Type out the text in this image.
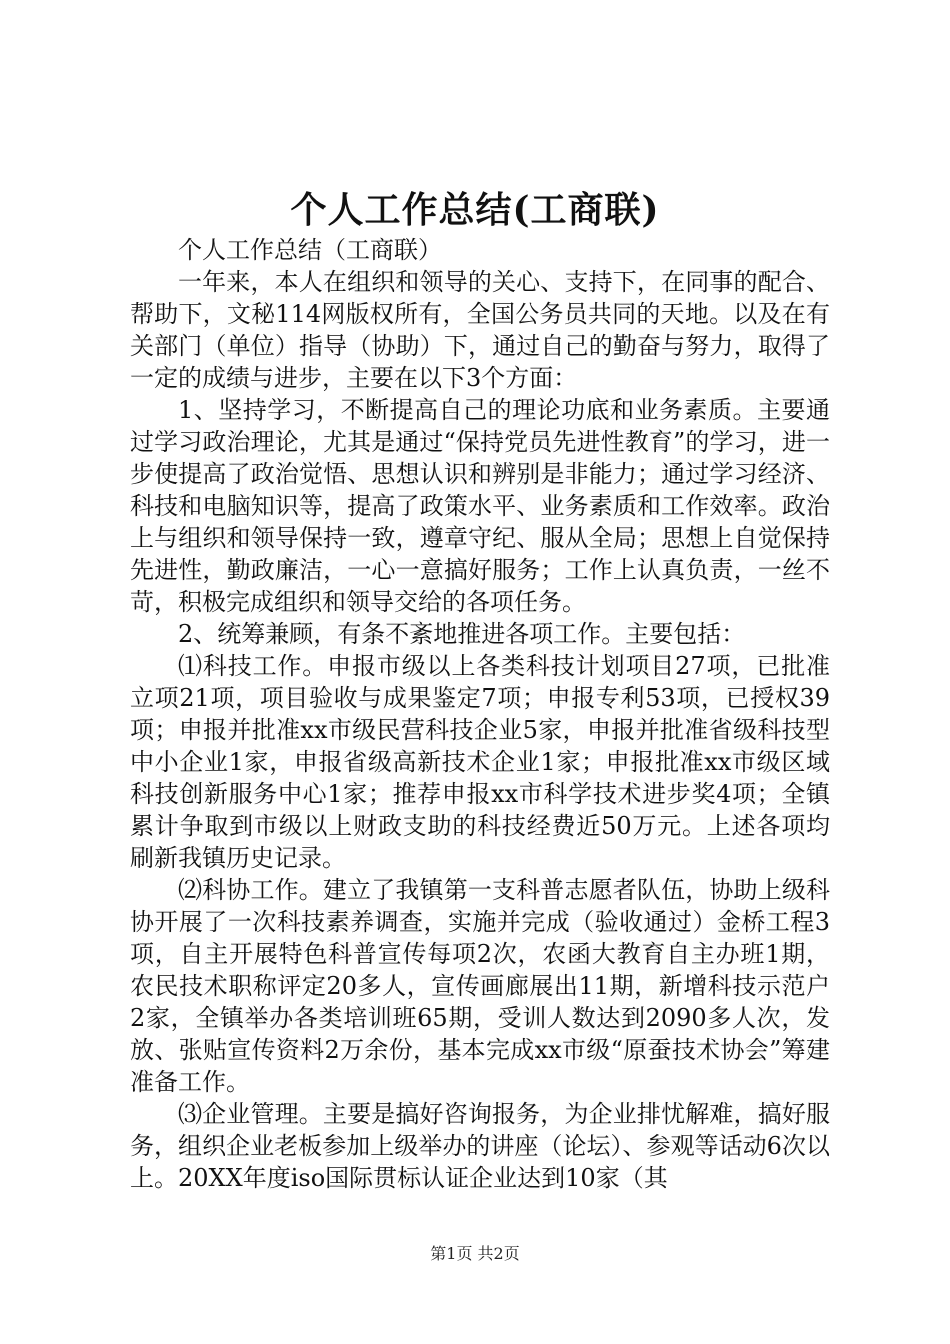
个人工作总结(工商联)

个人工作总结（工商联）

一年来，本人在组织和领导的关心、支持下，在同事的配合、帮助下，文秘114网版权所有，全国公务员共同的天地。以及在有关部门（单位）指导（协助）下，通过自己的勤奋与努力，取得了一定的成绩与进步，主要在以下3个方面：

1、坚持学习，不断提高自己的理论功底和业务素质。主要通过学习政治理论，尤其是通过“保持党员先进性教育”的学习，进一步使提高了政治觉悟、思想认识和辨别是非能力；通过学习经济、科技和电脑知识等，提高了政策水平、业务素质和工作效率。政治上与组织和领导保持一致，遵章守纪、服从全局；思想上自觉保持先进性，勤政廉洁，一心一意搞好服务；工作上认真负责，一丝不苛，积极完成组织和领导交给的各项任务。

2、统筹兼顾，有条不紊地推进各项工作。主要包括：

⑴科技工作。申报市级以上各类科技计划项目27项，已批准立项21项，项目验收与成果鉴定7项；申报专利53项，已授权39项；申报并批准xx市级民营科技企业5家，申报并批准省级科技型中小企业1家，申报省级高新技术企业1家；申报批准xx市级区域科技创新服务中心1家；推荐申报xx市科学技术进步奖4项；全镇累计争取到市级以上财政支助的科技经费近50万元。上述各项均刷新我镇历史记录。

⑵科协工作。建立了我镇第一支科普志愿者队伍，协助上级科协开展了一次科技素养调查，实施并完成（验收通过）金桥工程3项，自主开展特色科普宣传每项2次，农函大教育自主办班1期，农民技术职称评定20多人，宣传画廊展出11期，新增科技示范户2家，全镇举办各类培训班65期，受训人数达到2090多人次，发放、张贴宣传资料2万余份，基本完成xx市级“原蚕技术协会”筹建准备工作。

⑶企业管理。主要是搞好咨询报务，为企业排忧解难，搞好服务，组织企业老板参加上级举办的讲座（论坛）、参观等话动6次以上。20XX年度iso国际贯标认证企业达到10家（其

第1页 共2页
